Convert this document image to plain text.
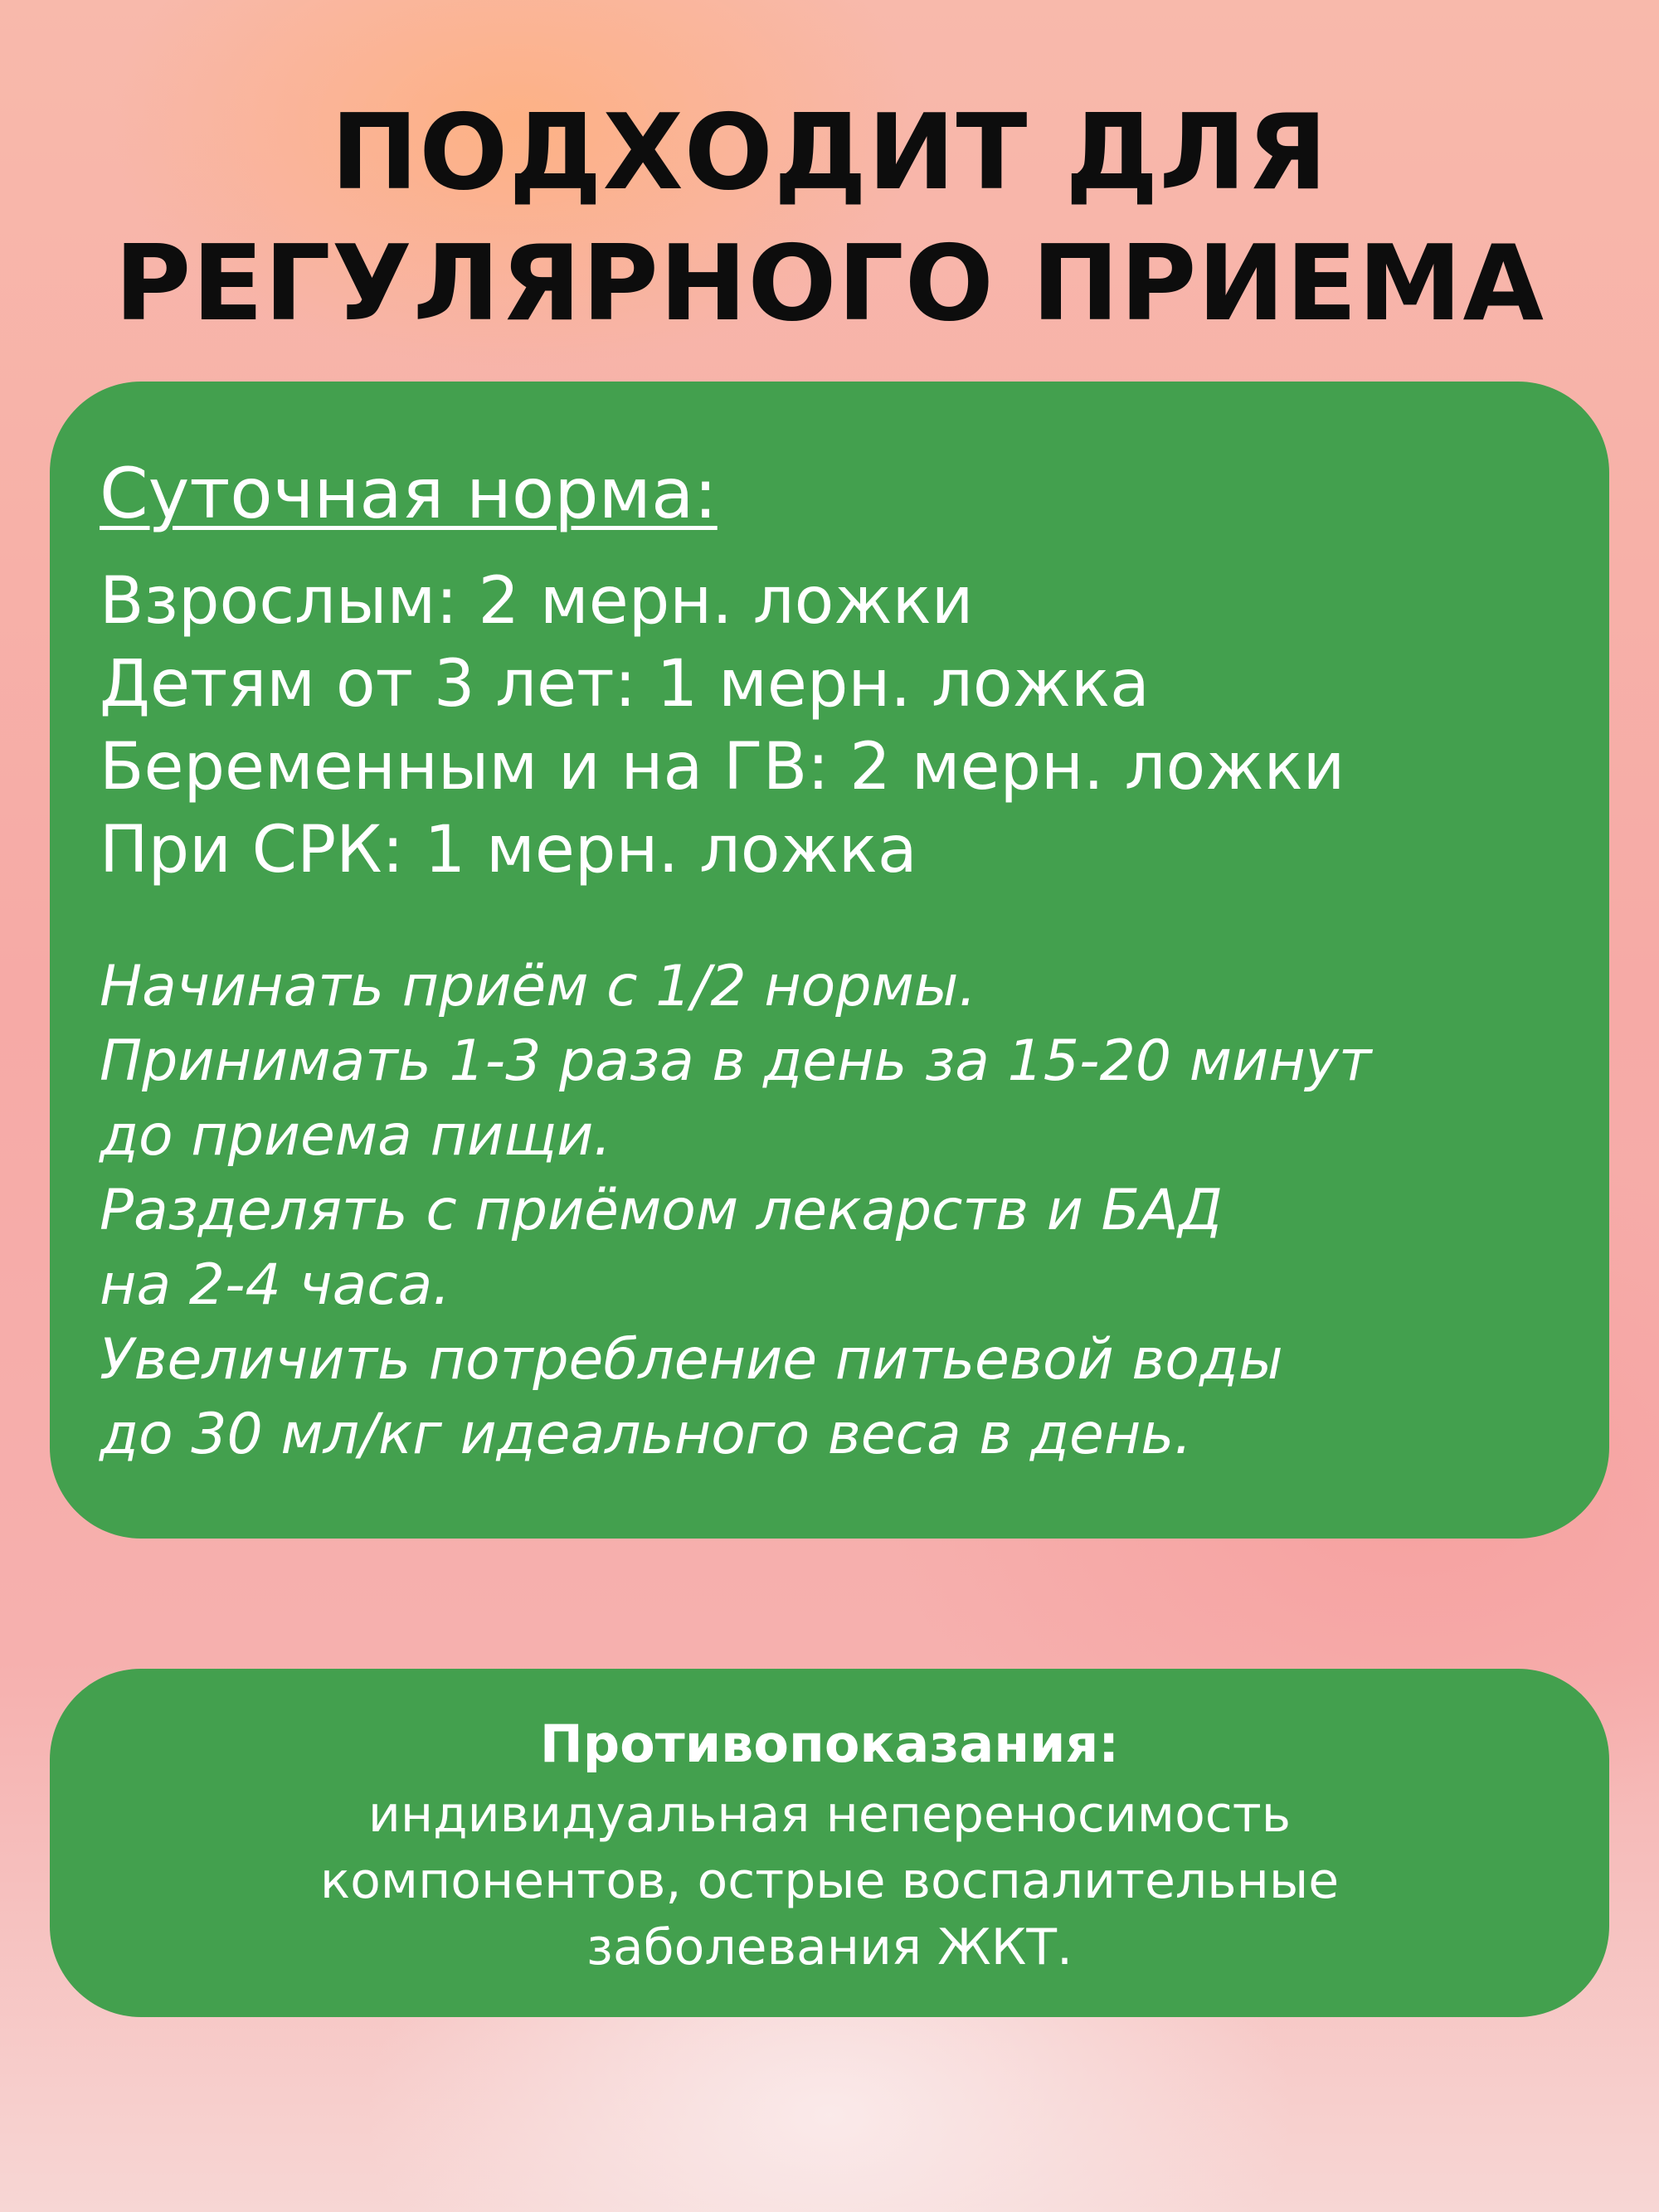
ПОДХОДИТ ДЛЯ
РЕГУЛЯРНОГО ПРИЕМА
Суточная норма:
Взрослым: 2 мерн. ложки
Детям от 3 лет: 1 мерн. ложка
Беременным и на ГВ: 2 мерн. ложки
При СРК: 1 мерн. ложка
Начинать приём с 1/2 нормы.
Принимать 1-3 раза в день за 15-20 минут
до приема пищи.
Разделять с приёмом лекарств и БАД
на 2-4 часа.
Увеличить потребление питьевой воды
до 30 мл/кг идеального веса в день.
Противопоказания:
индивидуальная непереносимость
компонентов, острые воспалительные
заболевания ЖКТ.
